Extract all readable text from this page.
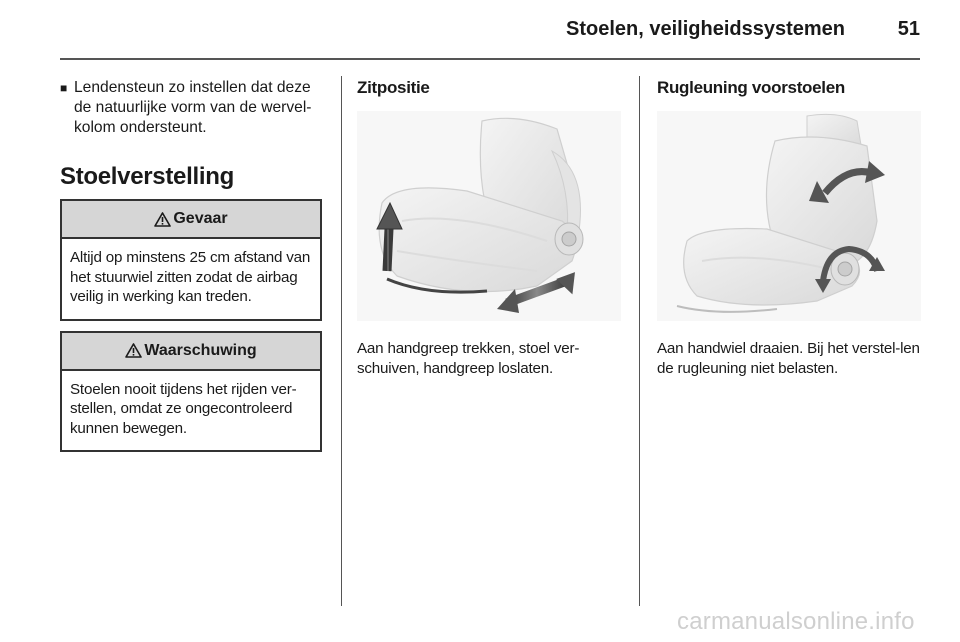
Stoelen, veiligheidssystemen	51
■ Lendensteun zo instellen dat deze de natuurlijke vorm van de wervel-kolom ondersteunt.
Stoelverstelling
Gevaar
Altijd op minstens 25 cm afstand van het stuurwiel zitten zodat de airbag veilig in werking kan treden.
Waarschuwing
Stoelen nooit tijdens het rijden ver-stellen, omdat ze ongecontroleerd kunnen bewegen.
Zitpositie
Aan handgreep trekken, stoel ver-schuiven, handgreep loslaten.
Rugleuning voorstoelen
Aan handwiel draaien. Bij het verstel-len de rugleuning niet belasten.
carmanualsonline.info
